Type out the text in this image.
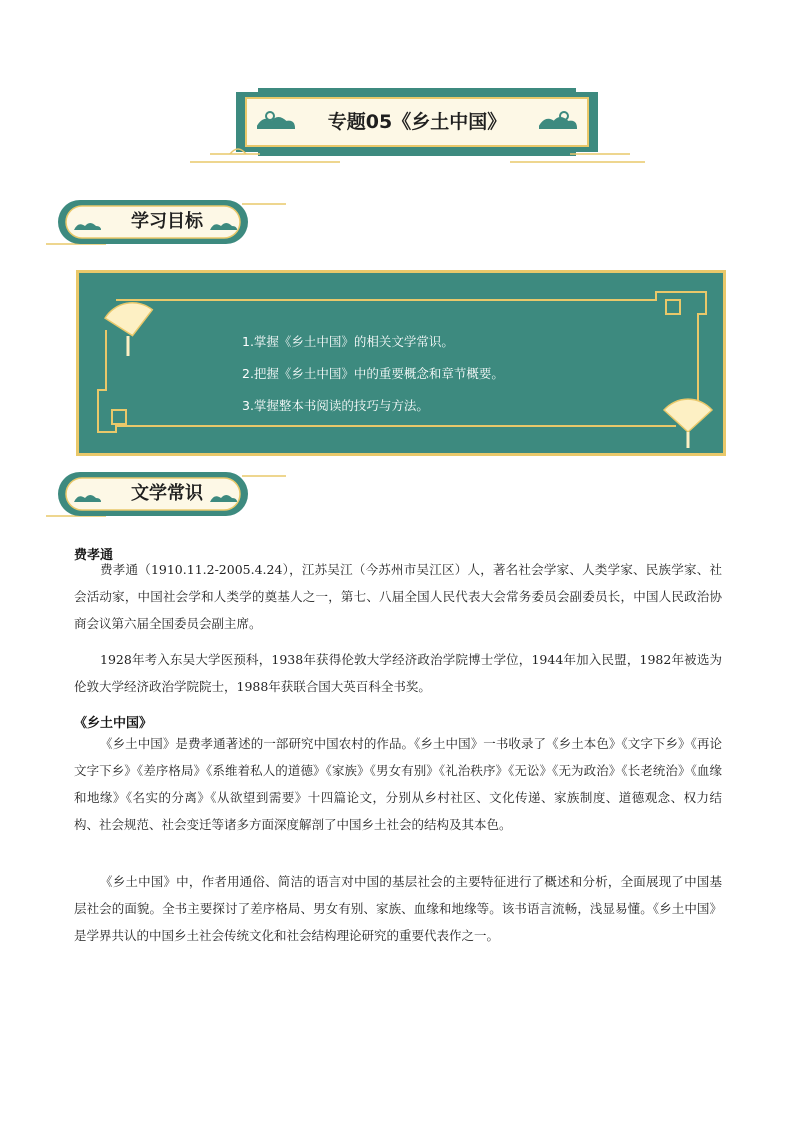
专题05《乡土中国》
学习目标
1.掌握《乡土中国》的相关文学常识。
2.把握《乡土中国》中的重要概念和章节概要。
3.掌握整本书阅读的技巧与方法。
文学常识
费孝通

费孝通（1910.11.2-2005.4.24），江苏吴江（今苏州市吴江区）人，著名社会学家、人类学家、民族学家、社会活动家，中国社会学和人类学的奠基人之一，第七、八届全国人民代表大会常务委员会副委员长，中国人民政治协商会议第六届全国委员会副主席。

1928年考入东吴大学医预科，1938年获得伦敦大学经济政治学院博士学位，1944年加入民盟，1982年被选为伦敦大学经济政治学院院士，1988年获联合国大英百科全书奖。

《乡土中国》

《乡土中国》是费孝通著述的一部研究中国农村的作品。《乡土中国》一书收录了《乡土本色》《文字下乡》《再论文字下乡》《差序格局》《系维着私人的道德》《家族》《男女有别》《礼治秩序》《无讼》《无为政治》《长老统治》《血缘和地缘》《名实的分离》《从欲望到需要》十四篇论文，分别从乡村社区、文化传递、家族制度、道德观念、权力结构、社会规范、社会变迁等诸多方面深度解剖了中国乡土社会的结构及其本色。

《乡土中国》中，作者用通俗、简洁的语言对中国的基层社会的主要特征进行了概述和分析，全面展现了中国基层社会的面貌。全书主要探讨了差序格局、男女有别、家族、血缘和地缘等。该书语言流畅，浅显易懂。《乡土中国》是学界共认的中国乡土社会传统文化和社会结构理论研究的重要代表作之一。
